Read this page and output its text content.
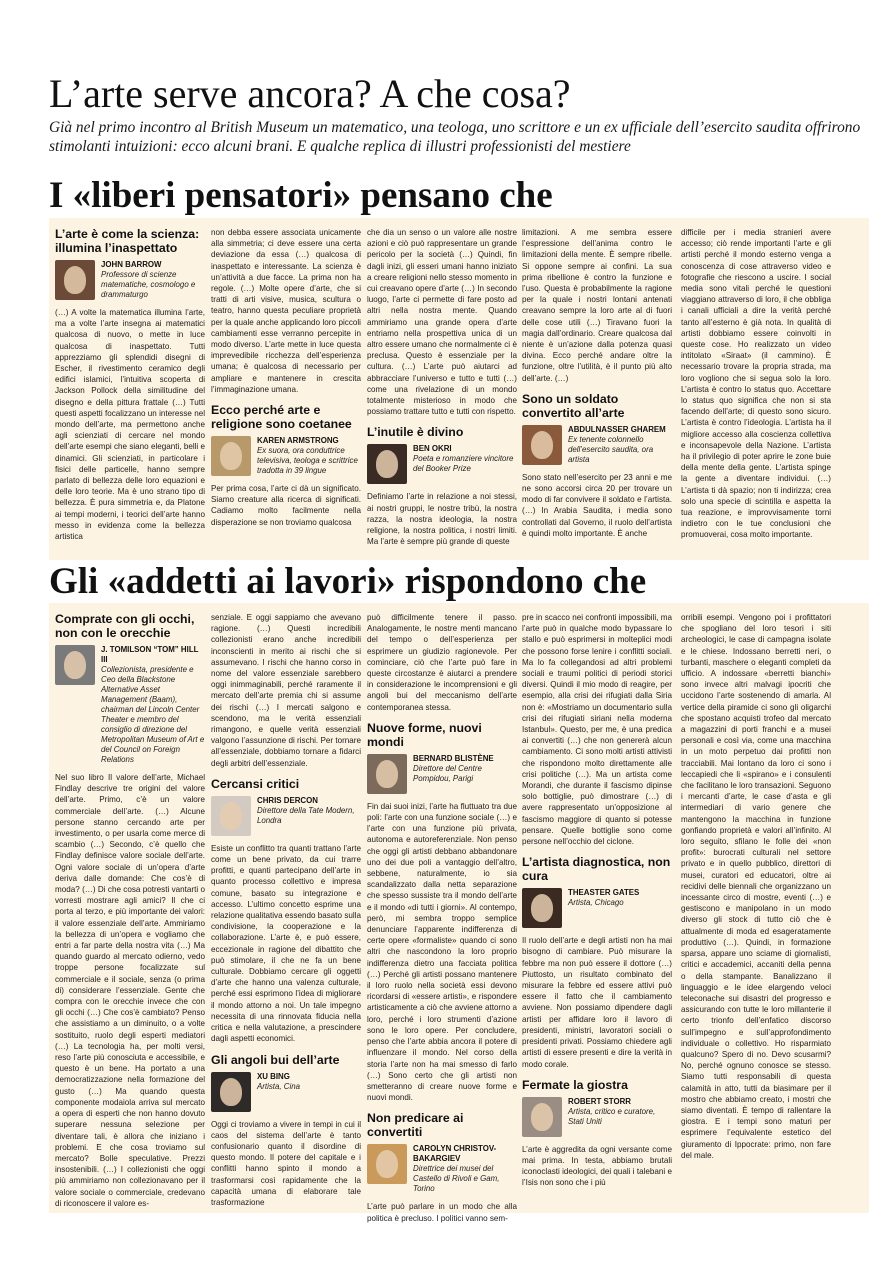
L’arte serve ancora? A che cosa?

Già nel primo incontro al British Museum un matematico, una teologa, uno scrittore e un ex ufficiale dell’esercito saudita offrirono stimolanti intuizioni: ecco alcuni brani. E qualche replica di illustri professionisti del mestiere

I «liberi pensatori» pensano che
L’arte è come la scienza: illumina l’inaspettato
JOHN BARROW
Professore di scienze matematiche, cosmologo e drammaturgo

(…) A volte la matematica illumina l’arte, ma a volte l’arte insegna ai matematici qualcosa di nuovo, o mette in luce qualcosa di inaspettato. Tutti apprezziamo gli splendidi disegni di Escher, il rivestimento ceramico degli edifici islamici, l’intuitiva scoperta di Jackson Pollock della similitudine del disegno e della pittura frattale (…) Tutti questi aspetti focalizzano un interesse nel mondo dell’arte, ma permettono anche agli scienziati di cercare nel mondo dell’arte esempi che siano eleganti, belli e dinamici. Gli scienziati, in particolare i fisici delle particelle, hanno sempre parlato di bellezza delle loro equazioni e delle loro teorie. Ma è uno strano tipo di bellezza. È pura simmetria e, da Platone ai tempi moderni, i teorici dell’arte hanno messo in evidenza come la bellezza artistica

non debba essere associata unicamente alla simmetria; ci deve essere una certa deviazione da essa (…) qualcosa di inaspettato e interessante. La scienza è un’attività a due facce. La prima non ha regole. (…) Molte opere d’arte, che si tratti di arti visive, musica, scultura o teatro, hanno questa peculiare proprietà per la quale anche applicando loro piccoli cambiamenti esse verranno percepite in modo diverso. L’arte mette in luce questa imprevedibile ricchezza dell’esperienza umana; è qualcosa di necessario per ampliare e mantenere in crescita l’immaginazione umana.

Ecco perché arte e religione sono coetanee
KAREN ARMSTRONG
Ex suora, ora conduttrice televisiva, teologa e scrittrice tradotta in 39 lingue

Per prima cosa, l’arte ci dà un significato. Siamo creature alla ricerca di significati. Cadiamo molto facilmente nella disperazione se non troviamo qualcosa

che dia un senso o un valore alle nostre azioni e ciò può rappresentare un grande pericolo per la società (…) Quindi, fin dagli inizi, gli esseri umani hanno iniziato a creare religioni nello stesso momento in cui creavano opere d’arte (…) In secondo luogo, l’arte ci permette di fare posto ad altri nella nostra mente. Quando ammiriamo una grande opera d’arte entriamo nella prospettiva unica di un altro essere umano che normalmente ci è preclusa. Questo è essenziale per la cultura. (…) L’arte può aiutarci ad abbracciare l’universo e tutto e tutti (…) come una rivelazione di un mondo totalmente misterioso in modo che possiamo trattare tutto e tutti con rispetto.

L’inutile è divino
BEN OKRI
Poeta e romanziere vincitore del Booker Prize

Definiamo l’arte in relazione a noi stessi, ai nostri gruppi, le nostre tribù, la nostra razza, la nostra ideologia, la nostra religione, la nostra politica, i nostri limiti. Ma l’arte è sempre più grande di queste

limitazioni. A me sembra essere l’espressione dell’anima contro le limitazioni della mente. È sempre ribelle. Si oppone sempre ai confini. La sua prima ribellione è contro la funzione e l’uso. Questa è probabilmente la ragione per la quale i nostri lontani antenati creavano sempre la loro arte al di fuori delle cose utili (…) Tiravano fuori la magia dall’ordinario. Creare qualcosa dal niente è un’azione dalla potenza quasi divina. Ecco perché andare oltre la funzione, oltre l’utilità, è il punto più alto dell’arte. (…)

Sono un soldato convertito all’arte
ABDULNASSER GHAREM
Ex tenente colonnello dell’esercito saudita, ora artista

Sono stato nell’esercito per 23 anni e me ne sono accorsi circa 20 per trovare un modo di far convivere il soldato e l’artista. (…) In Arabia Saudita, i media sono controllati dal Governo, il ruolo dell’artista è quindi molto importante. È anche

difficile per i media stranieri avere accesso; ciò rende importanti l’arte e gli artisti perché il mondo esterno venga a conoscenza di cose attraverso video e fotografie che riescono a uscire. I social media sono vitali perché le questioni viaggiano attraverso di loro, il che obbliga i canali ufficiali a dire la verità perché tanto all’esterno è già nota. In qualità di artisti dobbiamo essere coinvolti in queste cose. Ho realizzato un video intitolato «Siraat» (il cammino). È necessario trovare la propria strada, ma loro vogliono che si segua solo la loro. L’artista è contro lo status quo. Accettare lo status quo significa che non si sta facendo dell’arte; di questo sono sicuro. L’artista è contro l’ideologia. L’artista ha il migliore accesso alla coscienza collettiva e inconsapevole della Nazione. L’artista ha il privilegio di poter aprire le zone buie della mente della gente. L’artista spinge la gente a diventare individui. (…) L’artista ti dà spazio; non ti indirizza; crea solo una specie di scintilla e aspetta la tua reazione, e improvvisamente torni indietro con le tue conclusioni che promuoverai, cosa molto importante.

Gli «addetti ai lavori» rispondono che
Comprate con gli occhi, non con le orecchie
J. TOMILSON “TOM” HILL III
Collezionista, presidente e Ceo della Blackstone Alternative Asset Management (Baam), chairman del Lincoln Center Theater e membro del consiglio di direzione del Metropolitan Museum of Art e del Council on Foreign Relations

Nel suo libro Il valore dell’arte, Michael Findlay descrive tre origini del valore dell’arte. Primo, c’è un valore commerciale dell’arte. (…) Alcune persone stanno cercando arte per investimento, o per usarla come merce di scambio (…) Secondo, c’è quello che Findlay definisce valore sociale dell’arte. Ogni valore sociale di un’opera d’arte deriva dalle domande: Che cos’è di moda? (…) Di che cosa potresti vantarti o vorresti mostrare agli amici? Il che ci porta al terzo, e più importante dei valori: il valore essenziale dell’arte. Ammiriamo la bellezza di un’opera e vogliamo che entri a far parte della nostra vita (…) Ma quando guardo al mercato odierno, vedo troppe persone focalizzate sul commerciale e il sociale, senza (o prima di) considerare l’essenziale. Gente che compra con le orecchie invece che con gli occhi (…) Che cos’è cambiato? Penso che assistiamo a un diminuito, o a volte sostituito, ruolo degli esperti mediatori (…) La tecnologia ha, per molti versi, reso l’arte più conosciuta e accessibile, e questo è un bene. Ha portato a una democratizzazione nella formazione del gusto (…) Ma quando questa componente modaiola arriva sul mercato a opera di esperti che non hanno dovuto superare nessuna selezione per diventare tali, è allora che iniziano i problemi. E che cosa troviamo sul mercato? Bolle speculative. Prezzi insostenibili. (…) I collezionisti che oggi più ammiriamo non collezionavano per il valore sociale o commerciale, credevano di riconoscere il valore es-

senziale. E oggi sappiamo che avevano ragione. (…) Questi incredibili collezionisti erano anche incredibili inconscienti in merito ai rischi che si assumevano. I rischi che hanno corso in nome del valore essenziale sarebbero oggi inimmaginabili, perché raramente il mercato dell’arte premia chi si assume dei rischi (…) I mercati salgono e scendono, ma le verità essenziali rimangono, e quelle verità essenziali valgono l’assunzione di rischi. Per tornare all’essenziale, dobbiamo tornare a fidarci degli arbitri dell’essenziale.

Cercansi critici
CHRIS DERCON
Direttore della Tate Modern, Londra

Esiste un conflitto tra quanti trattano l’arte come un bene privato, da cui trarre profitti, e quanti partecipano dell’arte in quanto processo collettivo e impresa comune, basato su integrazione e accesso. L’ultimo concetto esprime una relazione qualitativa essendo basato sulla condivisione, la cooperazione e la collaborazione. L’arte è, e può essere, eccezionale in ragione del dibattito che può stimolare, il che ne fa un bene culturale. Dobbiamo cercare gli oggetti d’arte che hanno una valenza culturale, perché essi esprimono l’idea di migliorare il mondo attorno a noi. Un tale impegno necessita di una rinnovata fiducia nella critica e nella valutazione, a prescindere dagli aspetti economici.

Gli angoli bui dell’arte
XU BING
Artista, Cina

Oggi ci troviamo a vivere in tempi in cui il caos del sistema dell’arte è tanto confusionario quanto il disordine di questo mondo. Il potere del capitale e i conflitti hanno spinto il mondo a trasformarsi così rapidamente che la capacità umana di elaborare tale trasformazione

può difficilmente tenere il passo. Analogamente, le nostre menti mancano del tempo o dell’esperienza per esprimere un giudizio ragionevole. Per cominciare, ciò che l’arte può fare in queste circostanze è aiutarci a prendere in considerazione le incomprensioni e gli angoli bui del meccanismo dell’arte contemporanea stessa.

Nuove forme, nuovi mondi
BERNARD BLISTÈNE
Direttore del Centre Pompidou, Parigi

Fin dai suoi inizi, l’arte ha fluttuato tra due poli: l’arte con una funzione sociale (…) e l’arte con una funzione più privata, autonoma e autoreferenziale. Non penso che oggi gli artisti debbano abbandonare uno dei due poli a vantaggio dell’altro, sebbene, naturalmente, io sia scandalizzato dalla netta separazione che spesso sussiste tra il mondo dell’arte e il mondo «di tutti i giorni». Al contempo, però, mi sembra troppo semplice denunciare l’apparente indifferenza di certe opere «formaliste» quando ci sono altri che nascondono la loro proprio indifferenza dietro una facciata politica (…) Perché gli artisti possano mantenere il loro ruolo nella società essi devono ricordarsi di «essere artisti», e rispondere artisticamente a ciò che avviene attorno a loro, perché i loro strumenti d’azione sono le loro opere. Per concludere, penso che l’arte abbia ancora il potere di influenzare il mondo. Nel corso della storia l’arte non ha mai smesso di farlo (…) Sono certo che gli artisti non smetteranno di creare nuove forme e nuovi mondi.

Non predicare ai convertiti
CAROLYN CHRISTOV-BAKARGIEV
Direttrice dei musei del Castello di Rivoli e Gam, Torino

L’arte può parlare in un modo che alla politica è precluso. I politici vanno sem-

pre in scacco nei confronti impossibili, ma l’arte può in qualche modo bypassare lo stallo e può esprimersi in molteplici modi che possono forse lenire i conflitti sociali. Ma lo fa collegandosi ad altri problemi sociali e traumi politici di periodi storici diversi. Quindi il mio modo di reagire, per esempio, alla crisi dei rifugiati dalla Siria non è: «Mostriamo un documentario sulla crisi dei rifugiati siriani nella moderna Istanbul». Questo, per me, è una predica ai convertiti (…) che non genererà alcun cambiamento. Ci sono molti artisti attivisti che rispondono molto direttamente alle crisi politiche (…). Ma un artista come Morandi, che durante il fascismo dipinse solo bottiglie, può dimostrare (…) di avere rappresentato un’opposizione al fascismo maggiore di quanto si potesse pensare. Quelle bottiglie sono come persone nell’occhio del ciclone.

L’artista diagnostica, non cura
THEASTER GATES
Artista, Chicago

Il ruolo dell’arte e degli artisti non ha mai bisogno di cambiare. Può misurare la febbre ma non può essere il dottore (…) Piuttosto, un risultato combinato del misurare la febbre ed essere attivi può essere il fatto che il cambiamento avviene. Non possiamo dipendere dagli artisti per affidare loro il lavoro di presidenti, ministri, lavoratori sociali o presidenti privati. Possiamo chiedere agli artisti di essere presenti e dire la verità in modo corale.

Fermate la giostra
ROBERT STORR
Artista, critico e curatore, Stati Uniti

L’arte è aggredita da ogni versante come mai prima. In testa, abbiamo brutali iconoclasti ideologici, dei quali i talebani e l’Isis non sono che i più

orribili esempi. Vengono poi i profittatori che spogliano del loro tesori i siti archeologici, le case di campagna isolate e le chiese. Indossano berretti neri, o turbanti, maschere o eleganti completi da ufficio. A indossare «berretti bianchi» sono invece altri malvagi ipocriti che uccidono l’arte sostenendo di amarla. Al vertice della piramide ci sono gli oligarchi che spostano acquisti trofeo dal mercato a magazzini di porti franchi e a musei personali e così via, come una macchina in un moto perpetuo dai profitti non tracciabili. Mai lontano da loro ci sono i leccapiedi che li «spirano» e i consulenti che facilitano le loro transazioni. Seguono i mercanti d’arte, le case d’asta e gli intermediari di vario genere che mantengono la macchina in funzione gonfiando proprietà e valori all’infinito. Al loro seguito, sfilano le folle dei «non profit»: burocrati culturali nel settore privato e in quello pubblico, direttori di musei, curatori ed educatori, oltre ai recidivi delle biennali che organizzano un incessante circo di mostre, eventi (…) e gestiscono e manipolano in un modo diverso gli stock di tutto ciò che è attualmente di moda ed esageratamente produttivo (…). Quindi, in formazione sparsa, appare uno sciame di giornalisti, critici e accademici, accaniti della penna o della stampante. Banalizzano il linguaggio e le idee elargendo veloci teleconache sui disastri del progresso e assicurando con tutte le loro millanterie il certo trionfo dell’enfatico discorso sull’impegno e sull’approfondimento individuale o collettivo. Ho risparmiato qualcuno? Spero di no. Devo scusarmi? No, perché ognuno conosce se stesso. Siamo tutti responsabili di questa calamità in atto, tutti da biasimare per il mostro che abbiamo creato, i mostri che siamo diventati. È tempo di rallentare la giostra. E i tempi sono maturi per esprimere l’equivalente estetico del giuramento di Ippocrate: primo, non fare del male.
